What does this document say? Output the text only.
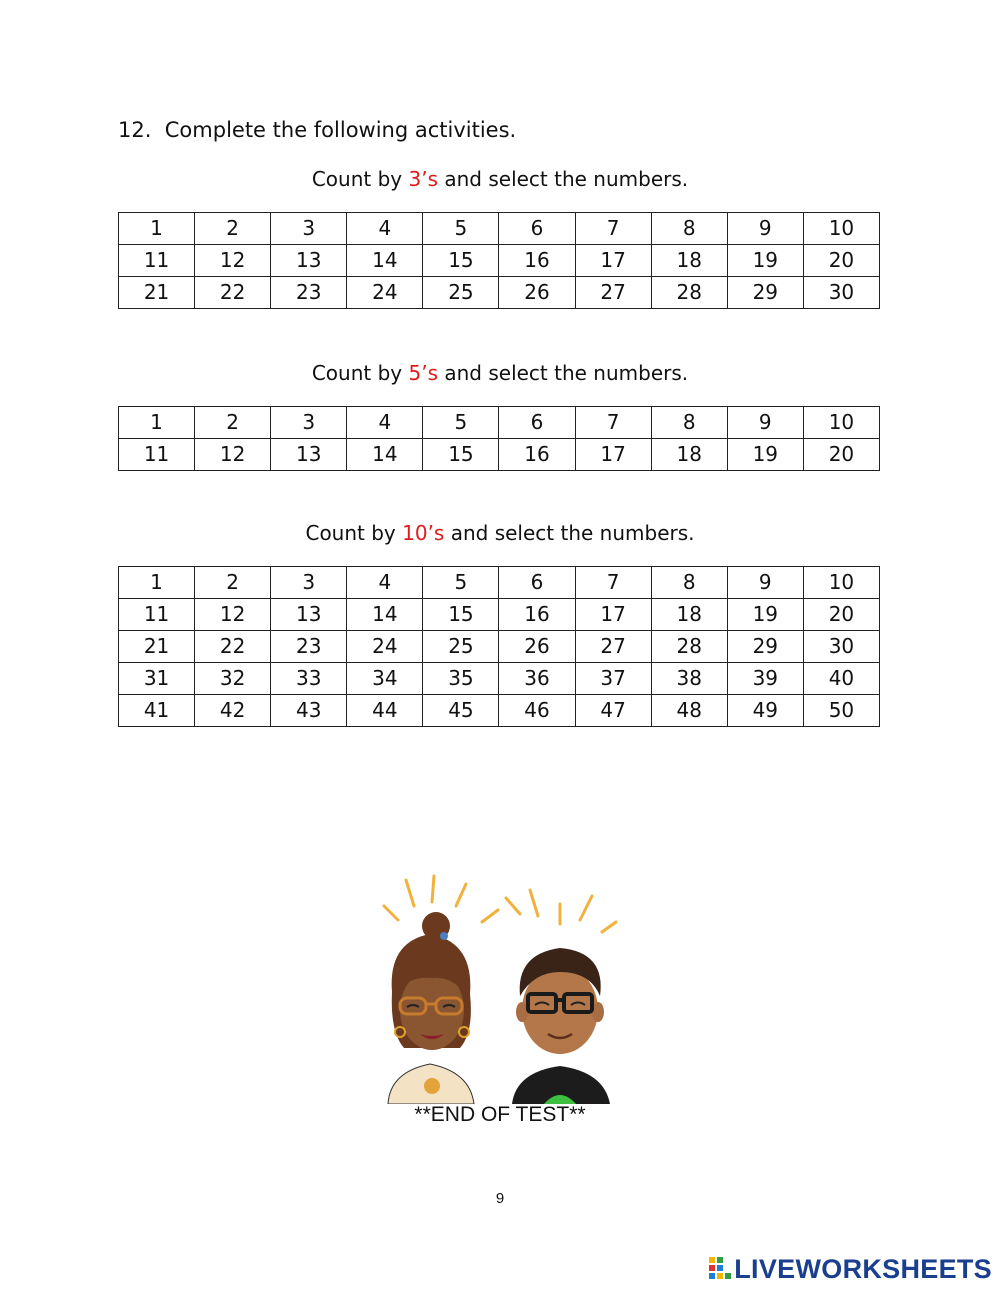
12. Complete the following activities.
Count by 3’s and select the numbers.
1	2	3	4	5	6	7	8	9	10
11	12	13	14	15	16	17	18	19	20
21	22	23	24	25	26	27	28	29	30
Count by 5’s and select the numbers.
1	2	3	4	5	6	7	8	9	10
11	12	13	14	15	16	17	18	19	20
Count by 10’s and select the numbers.
1	2	3	4	5	6	7	8	9	10
11	12	13	14	15	16	17	18	19	20
21	22	23	24	25	26	27	28	29	30
31	32	33	34	35	36	37	38	39	40
41	42	43	44	45	46	47	48	49	50
**END OF TEST**
9
LIVEWORKSHEETS
